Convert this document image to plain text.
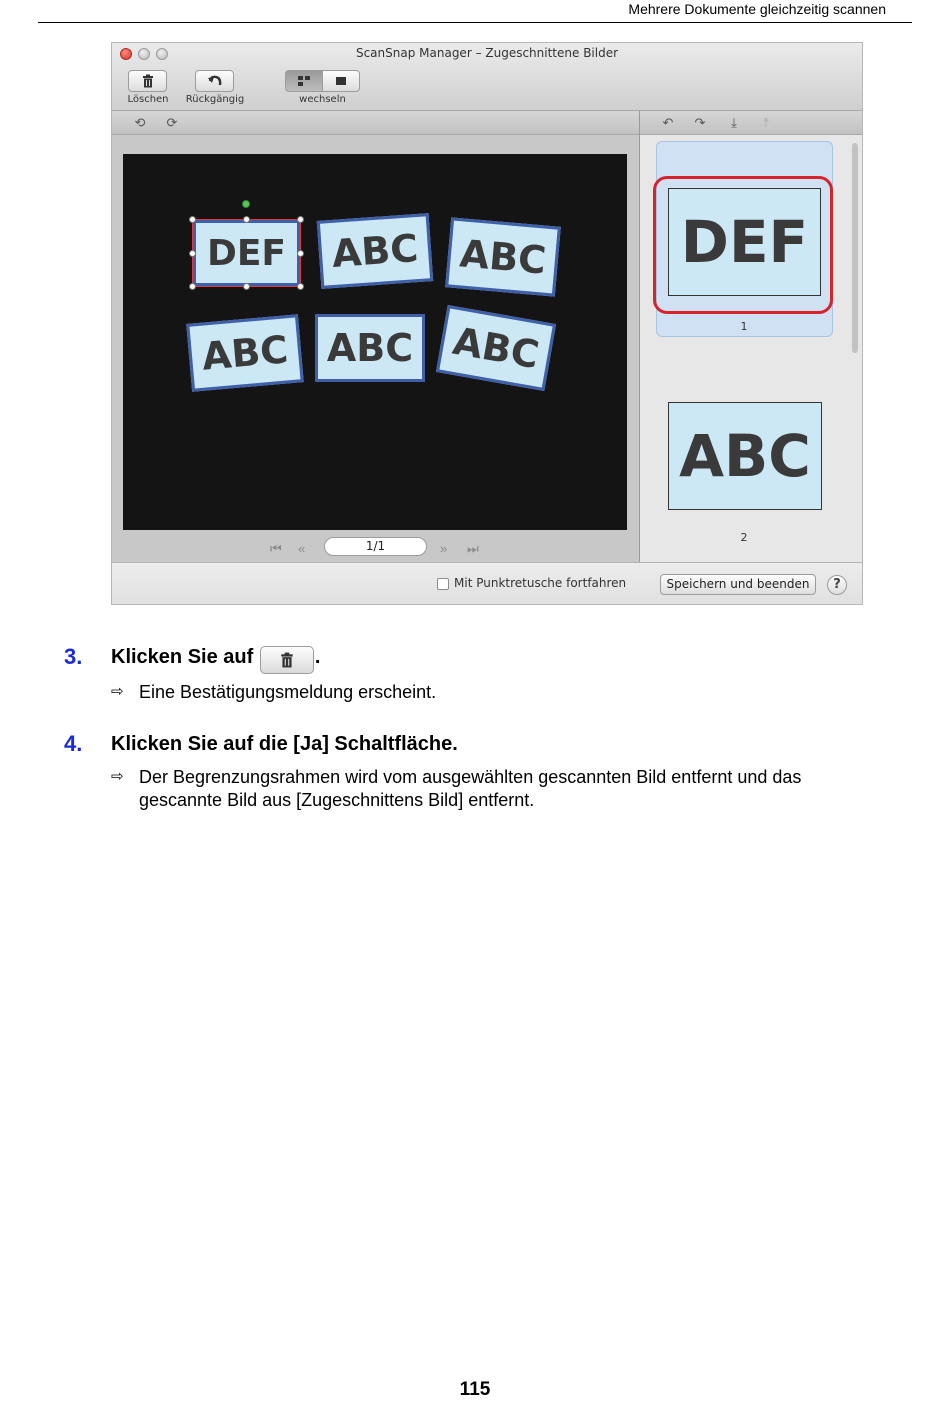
Mehrere Dokumente gleichzeitig scannen
ScanSnap Manager – Zugeschnittene Bilder
Löschen	Rückgängig	wechseln
⟲ ⟳	↶ ↷	⤓	⤒
DEF	ABC	ABC
ABC ABC ABC
⏮ «	1/1	» ⏭
DEF
1
ABC
2
Mit Punktretusche fortfahren	Speichern und beenden	?
3. Klicken Sie auf	.
⇨ Eine Bestätigungsmeldung erscheint.
4. Klicken Sie auf die [Ja] Schaltfläche.
⇨ Der Begrenzungsrahmen wird vom ausgewählten gescannten Bild entfernt und das gescannte Bild aus [Zugeschnittens Bild] entfernt.
115
